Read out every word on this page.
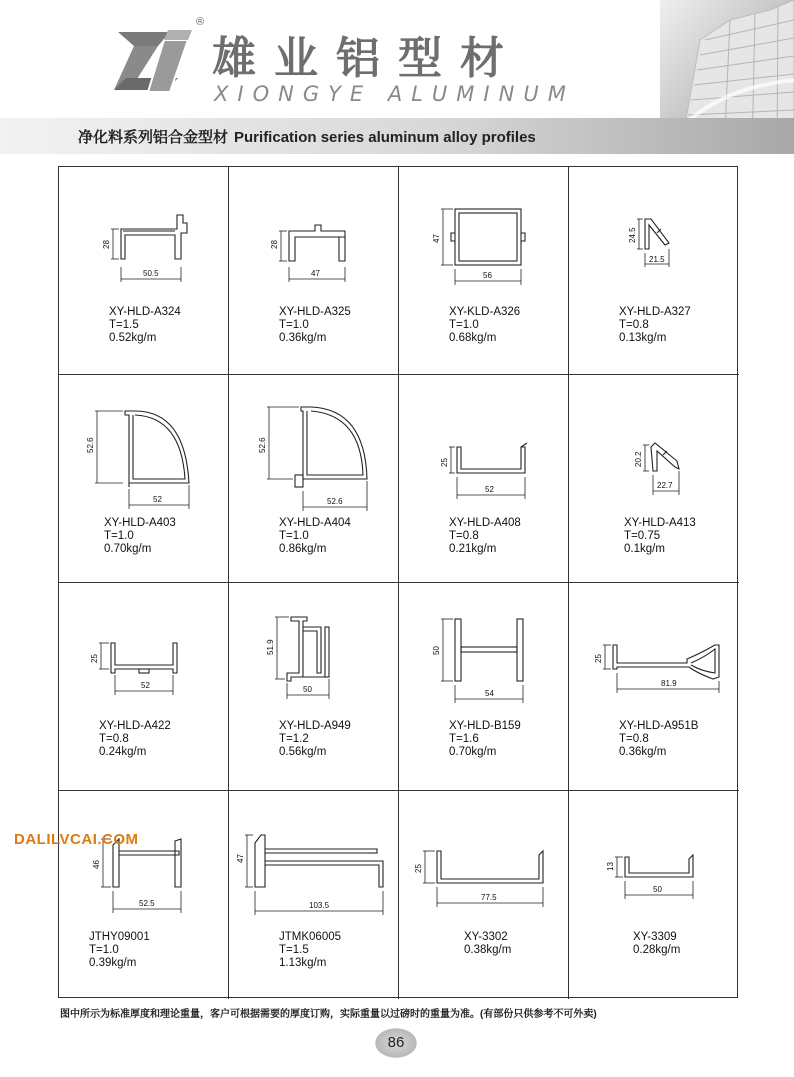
®
雄业铝型材
XIONGYE ALUMINUM
净化料系列铝合金型材 Purification series aluminum alloy profiles
28
50.5
XY-HLD-A324
T=1.5
0.52kg/m
28
47
XY-HLD-A325
T=1.0
0.36kg/m
47
56
XY-KLD-A326
T=1.0
0.68kg/m
24.5
21.5
XY-HLD-A327
T=0.8
0.13kg/m
52.6
52
XY-HLD-A403
T=1.0
0.70kg/m
52.6
52.6
XY-HLD-A404
T=1.0
0.86kg/m
25
52
XY-HLD-A408
T=0.8
0.21kg/m
20.2
22.7
XY-HLD-A413
T=0.75
0.1kg/m
25
52
XY-HLD-A422
T=0.8
0.24kg/m
51.9
50
XY-HLD-A949
T=1.2
0.56kg/m
50
54
XY-HLD-B159
T=1.6
0.70kg/m
25
81.9
XY-HLD-A951B
T=0.8
0.36kg/m
46
52.5
JTHY09001
T=1.0
0.39kg/m
47
103.5
JTMK06005
T=1.5
1.13kg/m
25
77.5
XY-3302
0.38kg/m
13
50
XY-3309
0.28kg/m
DALILVCAI.COM
图中所示为标准厚度和理论重量，客户可根据需要的厚度订购，实际重量以过磅时的重量为准。(有部份只供参考不可外卖)
86
